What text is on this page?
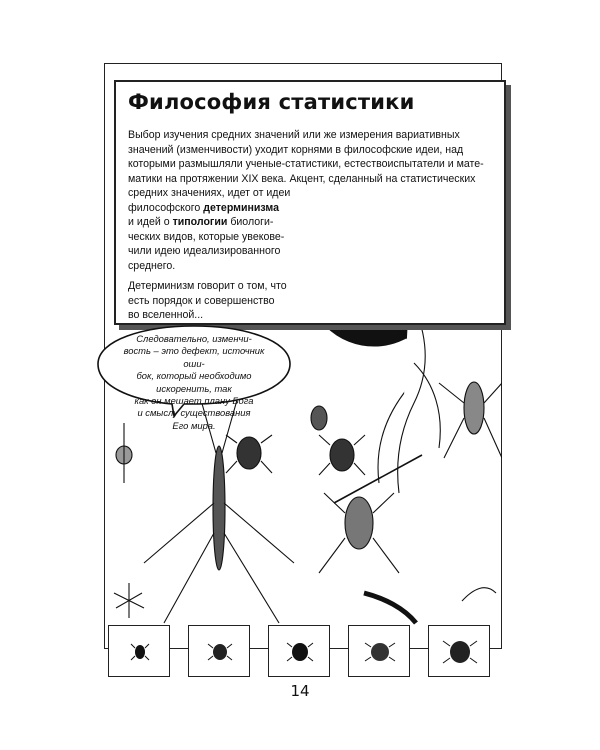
Философия статистики
Выбор изучения средних значений или же измерения вариативных
значений (изменчивости) уходит корнями в философские идеи, над
которыми размышляли ученые-статистики, естествоиспытатели и мате-
матики на протяжении XIX века. Акцент, сделанный на статистических
средних значениях, идет от идеи
философского детерминизма
и идей о типологии биологи-
ческих видов, которые увекове-
чили идею идеализированного
среднего.
Детерминизм говорит о том, что
есть порядок и совершенство
во вселенной...
Следовательно, изменчи-
вость – это дефект, источник оши-
бок, который необходимо искоренить, так
как он мешает плану Бога
и смыслу существования
Его мира.
14
